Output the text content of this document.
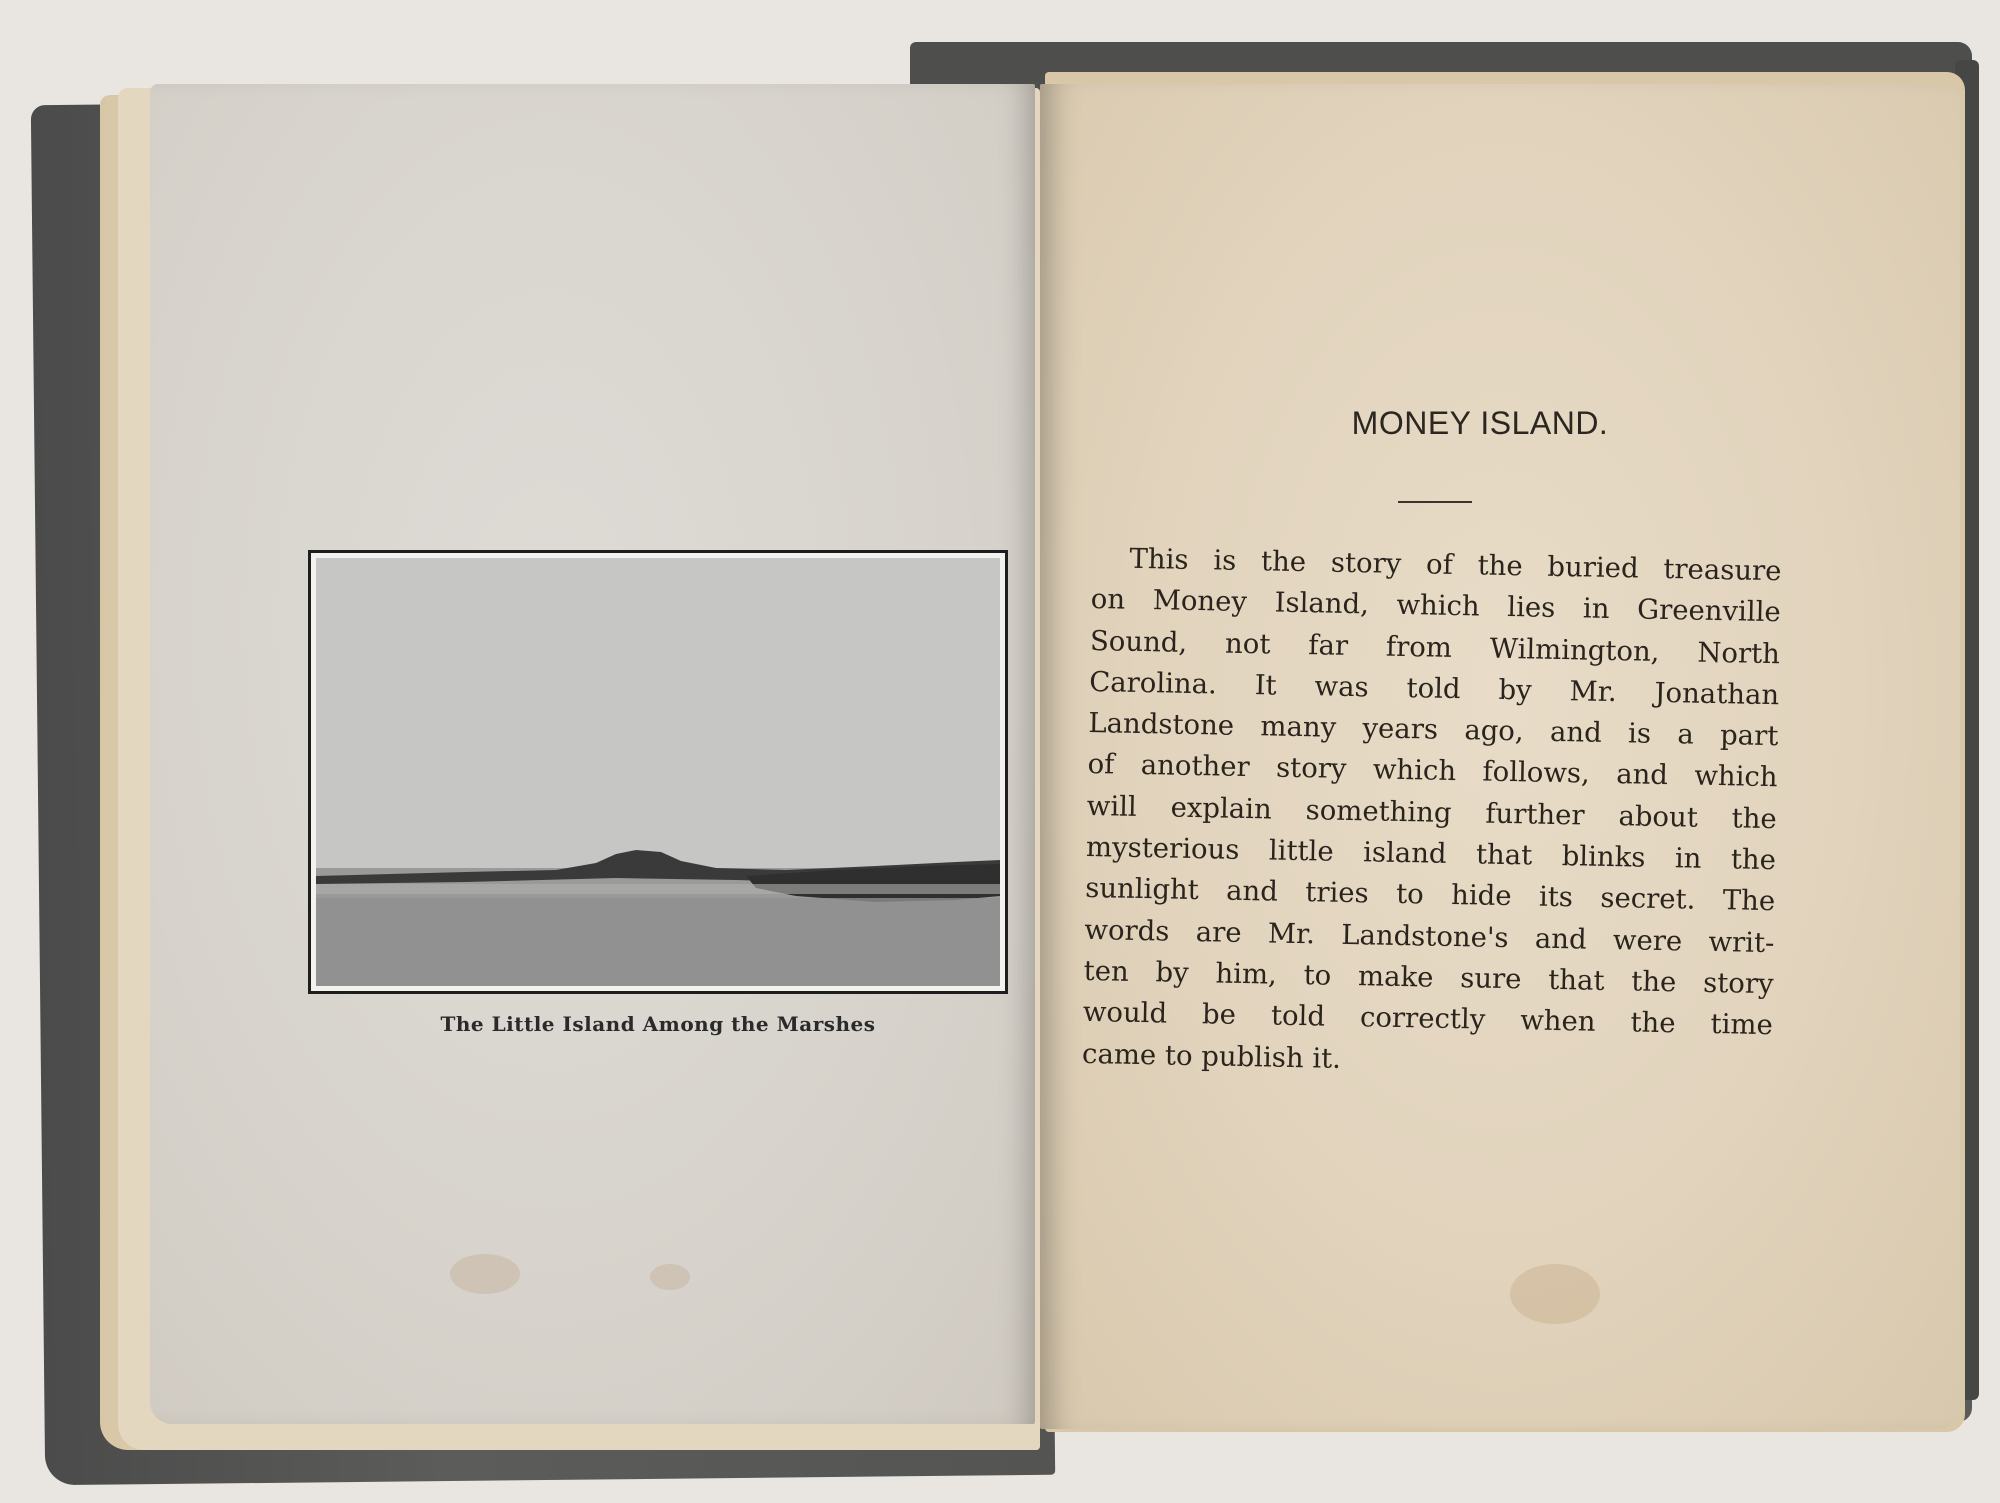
The Little Island Among the Marshes
MONEY ISLAND.
This is the story of the buried treasure
on Money Island, which lies in Greenville
Sound, not far from Wilmington, North
Carolina. It was told by Mr. Jonathan
Landstone many years ago, and is a part
of another story which follows, and which
will explain something further about the
mysterious little island that blinks in the
sunlight and tries to hide its secret. The
words are Mr. Landstone's and were writ-
ten by him, to make sure that the story
would be told correctly when the time
came to publish it.
